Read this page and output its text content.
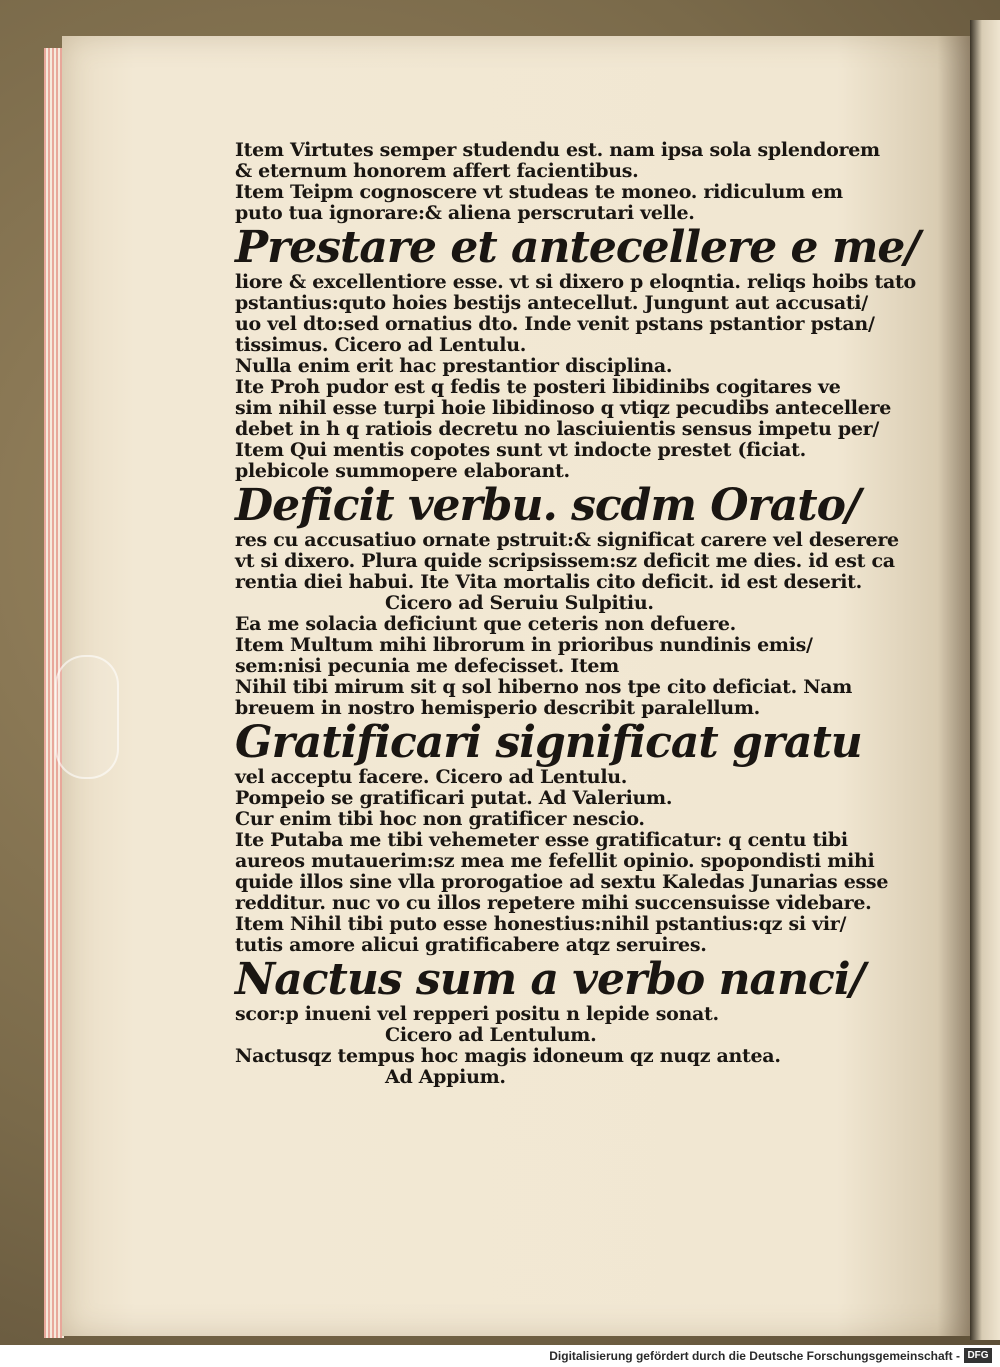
Item Virtutes semper studendu est. nam ipsa sola splendorem
& eternum honorem affert facientibus.
Item Teipm cognoscere vt studeas te moneo. ridiculum em
puto tua ignorare:& aliena perscrutari velle.
Prestare et antecellere e me/
liore & excellentiore esse. vt si dixero p eloqntia. reliqs hoibs tato
pstantius:quto hoies bestijs antecellut. Jungunt aut accusati/
uo vel dto:sed ornatius dto. Inde venit pstans pstantior pstan/
tissimus. Cicero ad Lentulu.
Nulla enim erit hac prestantior disciplina.
Ite Proh pudor est q fedis te posteri libidinibs cogitares ve
sim nihil esse turpi hoie libidinoso q vtiqz pecudibs antecellere
debet in h q ratiois decretu no lasciuientis sensus impetu per/
Item Qui mentis copotes sunt vt indocte prestet (ficiat.
plebicole summopere elaborant.
Deficit verbu. scdm Orato/
res cu accusatiuo ornate pstruit:& significat carere vel deserere
vt si dixero. Plura quide scripsissem:sz deficit me dies. id est ca
rentia diei habui. Ite Vita mortalis cito deficit. id est deserit.
Cicero ad Seruiu Sulpitiu.
Ea me solacia deficiunt que ceteris non defuere.
Item Multum mihi librorum in prioribus nundinis emis/
sem:nisi pecunia me defecisset. Item
Nihil tibi mirum sit q sol hiberno nos tpe cito deficiat. Nam
breuem in nostro hemisperio describit paralellum.
Gratificari significat gratu
vel acceptu facere. Cicero ad Lentulu.
Pompeio se gratificari putat. Ad Valerium.
Cur enim tibi hoc non gratificer nescio.
Ite Putaba me tibi vehemeter esse gratificatur: q centu tibi
aureos mutauerim:sz mea me fefellit opinio. spopondisti mihi
quide illos sine vlla prorogatioe ad sextu Kaledas Junarias esse
redditur. nuc vo cu illos repetere mihi succensuisse videbare.
Item Nihil tibi puto esse honestius:nihil pstantius:qz si vir/
tutis amore alicui gratificabere atqz seruires.
Nactus sum a verbo nanci/
scor:p inueni vel repperi positu n lepide sonat.
Cicero ad Lentulum.
Nactusqz tempus hoc magis idoneum qz nuqz antea.
Ad Appium.
Digitalisierung gefördert durch die Deutsche Forschungsgemeinschaft - DFG
